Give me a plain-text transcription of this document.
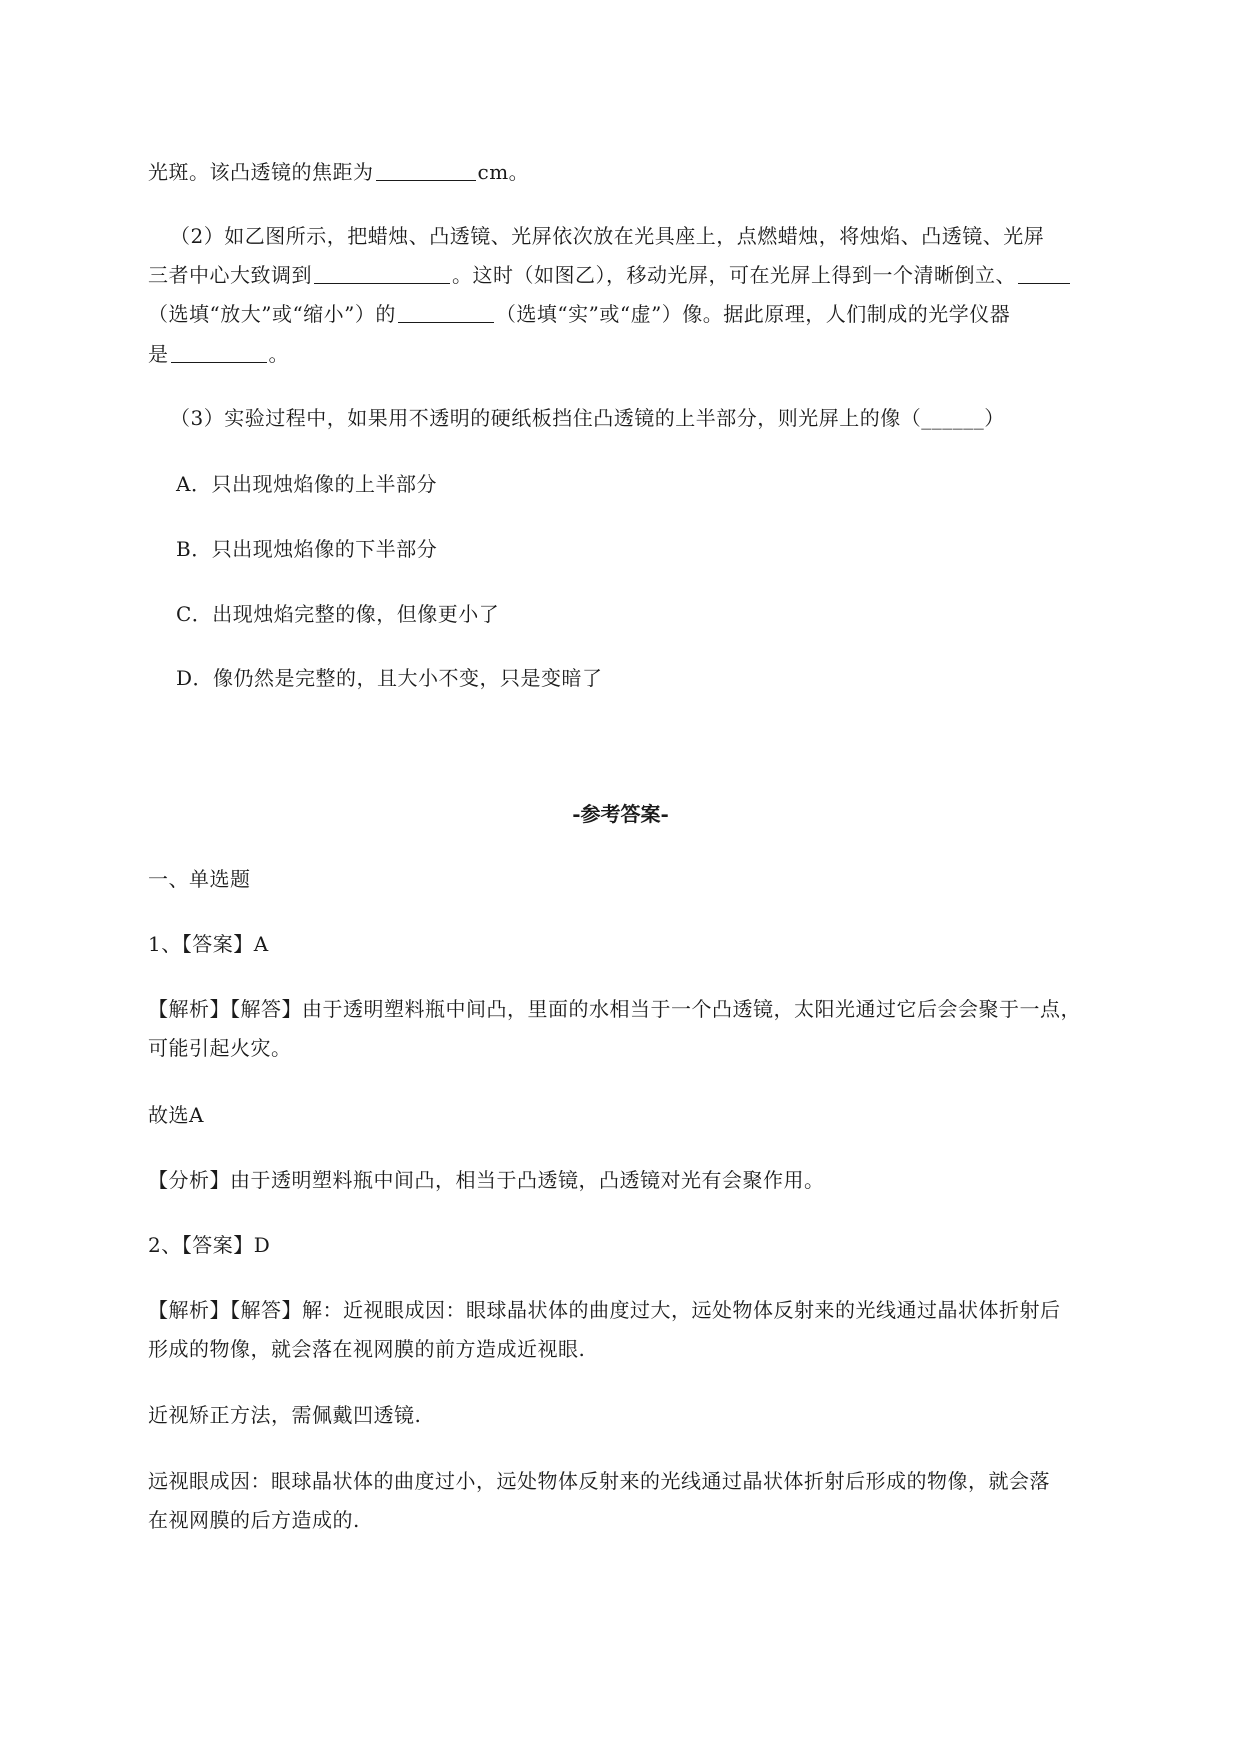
光斑。该凸透镜的焦距为	cm。
（2）如乙图所示，把蜡烛、凸透镜、光屏依次放在光具座上，点燃蜡烛，将烛焰、凸透镜、光屏
三者中心大致调到	。这时（如图乙），移动光屏，可在光屏上得到一个清晰倒立、
（选填“放大”或“缩小”）的	（选填“实”或“虚”）像。据此原理，人们制成的光学仪器
是	。
（3）实验过程中，如果用不透明的硬纸板挡住凸透镜的上半部分，则光屏上的像（______）
A．只出现烛焰像的上半部分
B．只出现烛焰像的下半部分
C．出现烛焰完整的像，但像更小了
D．像仍然是完整的，且大小不变，只是变暗了
-参考答案-
一、单选题
1、【答案】A
【解析】【解答】由于透明塑料瓶中间凸，里面的水相当于一个凸透镜，太阳光通过它后会会聚于一点，
可能引起火灾。
故选A
【分析】由于透明塑料瓶中间凸，相当于凸透镜，凸透镜对光有会聚作用。
2、【答案】D
【解析】【解答】解：近视眼成因：眼球晶状体的曲度过大，远处物体反射来的光线通过晶状体折射后
形成的物像，就会落在视网膜的前方造成近视眼.
近视矫正方法，需佩戴凹透镜.
远视眼成因：眼球晶状体的曲度过小，远处物体反射来的光线通过晶状体折射后形成的物像，就会落
在视网膜的后方造成的.
